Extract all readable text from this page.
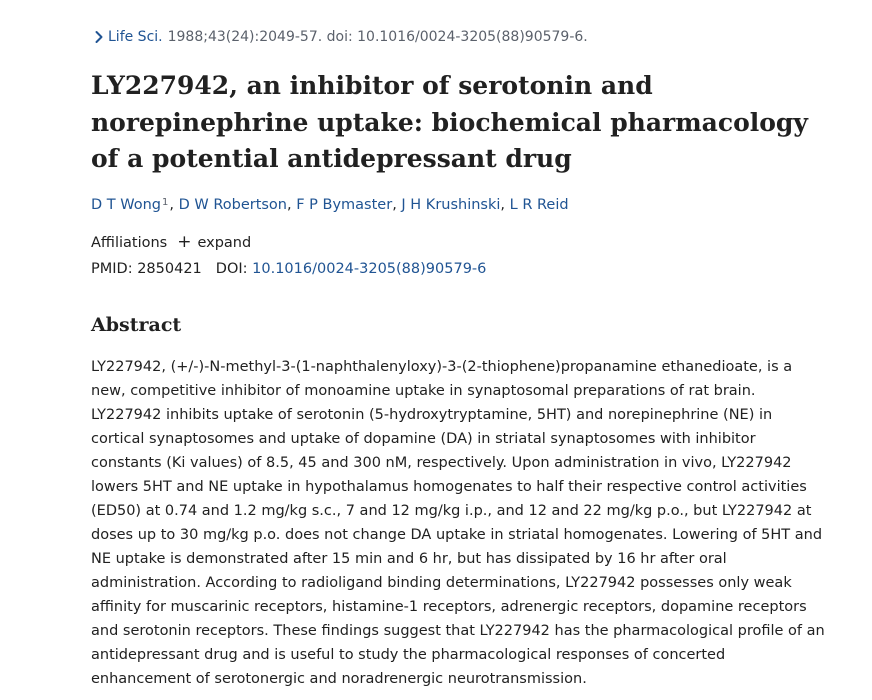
Life Sci. 1988;43(24):2049-57. doi: 10.1016/0024-3205(88)90579-6.
LY227942, an inhibitor of serotonin and norepinephrine uptake: biochemical pharmacology of a potential antidepressant drug
D T Wong$^1$, D W Robertson, F P Bymaster, J H Krushinski, L R Reid
Affiliations + expand
PMID: 2850421 DOI: 10.1016/0024-3205(88)90579-6
Abstract

LY227942, (+/-)-N-methyl-3-(1-naphthalenyloxy)-3-(2-thiophene)propanamine ethanedioate, is a new, competitive inhibitor of monoamine uptake in synaptosomal preparations of rat brain. LY227942 inhibits uptake of serotonin (5-hydroxytryptamine, 5HT) and norepinephrine (NE) in cortical synaptosomes and uptake of dopamine (DA) in striatal synaptosomes with inhibitor constants (Ki values) of 8.5, 45 and 300 nM, respectively. Upon administration in vivo, LY227942 lowers 5HT and NE uptake in hypothalamus homogenates to half their respective control activities (ED50) at 0.74 and 1.2 mg/kg s.c., 7 and 12 mg/kg i.p., and 12 and 22 mg/kg p.o., but LY227942 at doses up to 30 mg/kg p.o. does not change DA uptake in striatal homogenates. Lowering of 5HT and NE uptake is demonstrated after 15 min and 6 hr, but has dissipated by 16 hr after oral administration. According to radioligand binding determinations, LY227942 possesses only weak affinity for muscarinic receptors, histamine-1 receptors, adrenergic receptors, dopamine receptors and serotonin receptors. These findings suggest that LY227942 has the pharmacological profile of an antidepressant drug and is useful to study the pharmacological responses of concerted enhancement of serotonergic and noradrenergic neurotransmission.
